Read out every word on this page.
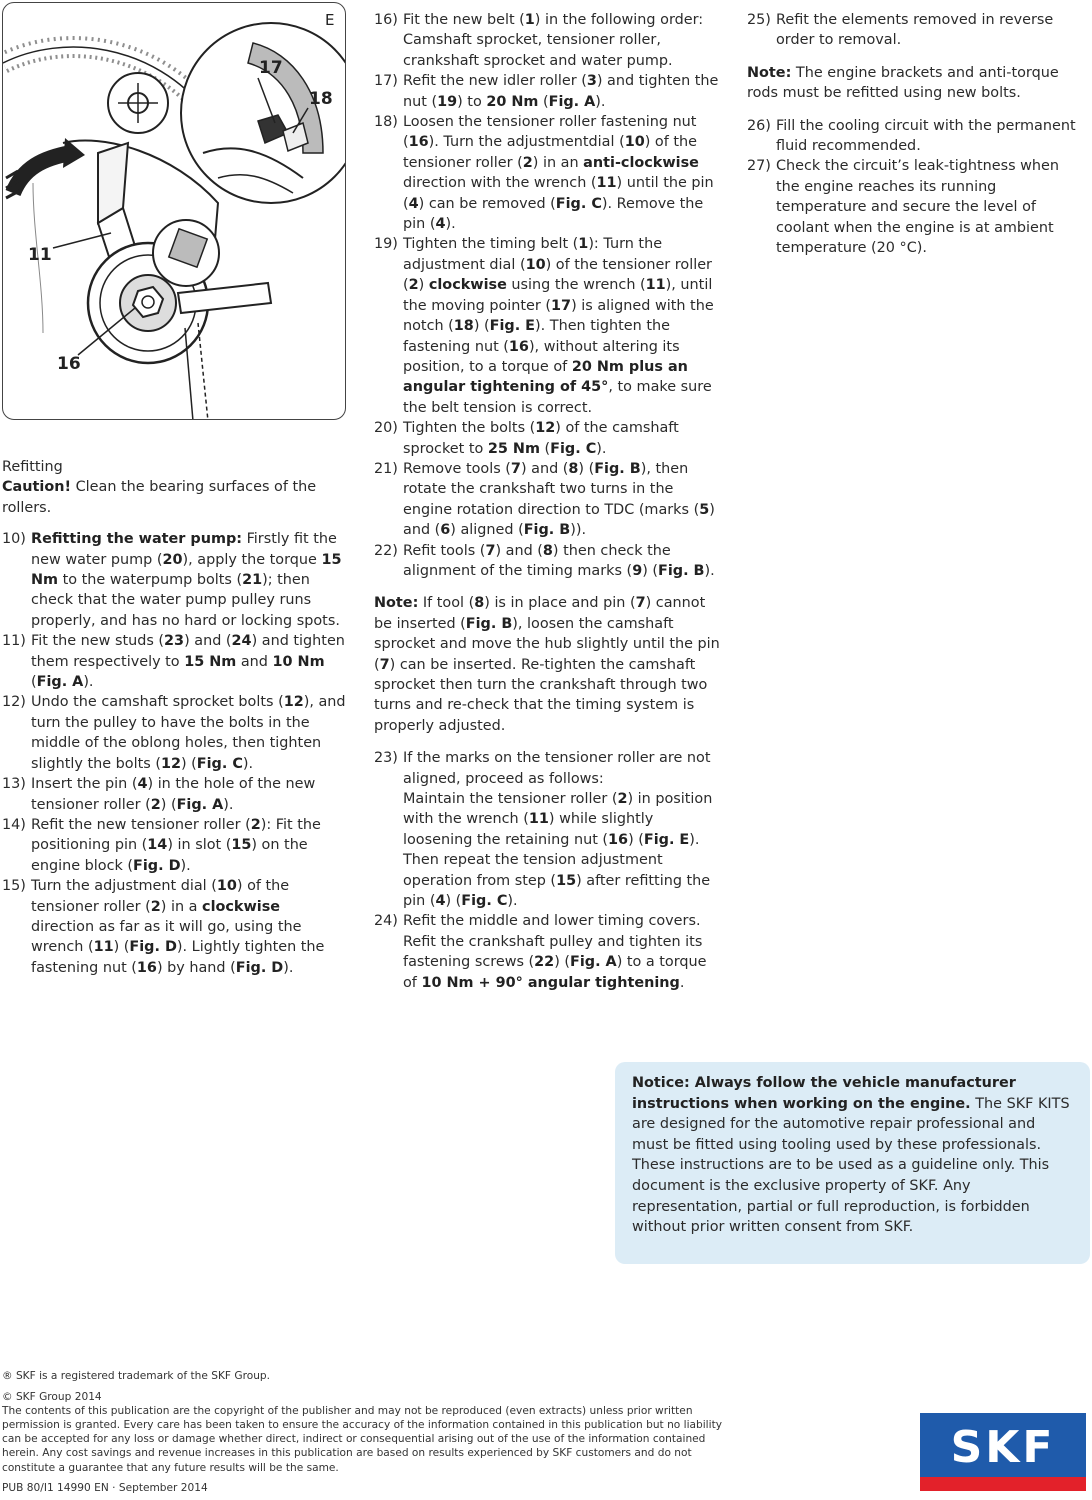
E
17
18
11
16

Refitting

Caution! Clean the bearing surfaces of the rollers.

10) Refitting the water pump: Firstly fit the new water pump (20), apply the torque 15 Nm to the waterpump bolts (21); then check that the water pump pulley runs properly, and has no hard or locking spots.
11) Fit the new studs (23) and (24) and tighten them respectively to 15 Nm and 10 Nm (Fig. A).
12) Undo the camshaft sprocket bolts (12), and turn the pulley to have the bolts in the middle of the oblong holes, then tighten slightly the bolts (12) (Fig. C).
13) Insert the pin (4) in the hole of the new tensioner roller (2) (Fig. A).
14) Refit the new tensioner roller (2): Fit the positioning pin (14) in slot (15) on the engine block (Fig. D).
15) Turn the adjustment dial (10) of the tensioner roller (2) in a clockwise direction as far as it will go, using the wrench (11) (Fig. D). Lightly tighten the fastening nut (16) by hand (Fig. D).
16) Fit the new belt (1) in the following order: Camshaft sprocket, tensioner roller, crankshaft sprocket and water pump.
17) Refit the new idler roller (3) and tighten the nut (19) to 20 Nm (Fig. A).
18) Loosen the tensioner roller fastening nut (16). Turn the adjustmentdial (10) of the tensioner roller (2) in an anti-clockwise direction with the wrench (11) until the pin (4) can be removed (Fig. C). Remove the pin (4).
19) Tighten the timing belt (1): Turn the adjustment dial (10) of the tensioner roller (2) clockwise using the wrench (11), until the moving pointer (17) is aligned with the notch (18) (Fig. E). Then tighten the fastening nut (16), without altering its position, to a torque of 20 Nm plus an angular tightening of 45°, to make sure the belt tension is correct.
20) Tighten the bolts (12) of the camshaft sprocket to 25 Nm (Fig. C).
21) Remove tools (7) and (8) (Fig. B), then rotate the crankshaft two turns in the engine rotation direction to TDC (marks (5) and (6) aligned (Fig. B)).
22) Refit tools (7) and (8) then check the alignment of the timing marks (9) (Fig. B).

Note: If tool (8) is in place and pin (7) cannot be inserted (Fig. B), loosen the camshaft sprocket and move the hub slightly until the pin (7) can be inserted. Re-tighten the camshaft sprocket then turn the crankshaft through two turns and re-check that the timing system is properly adjusted.

23) If the marks on the tensioner roller are not aligned, proceed as follows:
Maintain the tensioner roller (2) in position with the wrench (11) while slightly loosening the retaining nut (16) (Fig. E). Then repeat the tension adjustment operation from step (15) after refitting the pin (4) (Fig. C).
24) Refit the middle and lower timing covers. Refit the crankshaft pulley and tighten its fastening screws (22) (Fig. A) to a torque of 10 Nm + 90° angular tightening.
25) Refit the elements removed in reverse order to removal.

Note: The engine brackets and anti-torque rods must be refitted using new bolts.

26) Fill the cooling circuit with the permanent fluid recommended.
27) Check the circuit’s leak-tightness when the engine reaches its running temperature and secure the level of coolant when the engine is at ambient temperature (20 °C).

Notice: Always follow the vehicle manufacturer instructions when working on the engine. The SKF KITS are designed for the automotive repair professional and must be fitted using tooling used by these professionals. These instructions are to be used as a guideline only. This document is the exclusive property of SKF. Any representation, partial or full reproduction, is forbidden without prior written consent from SKF.

® SKF is a registered trademark of the SKF Group.

© SKF Group 2014

The contents of this publication are the copyright of the publisher and may not be reproduced (even extracts) unless prior written permission is granted. Every care has been taken to ensure the accuracy of the information contained in this publication but no liability can be accepted for any loss or damage whether direct, indirect or consequential arising out of the use of the information contained herein. Any cost savings and revenue increases in this publication are based on results experienced by SKF customers and do not constitute a guarantee that any future results will be the same.

PUB 80/I1 14990 EN · September 2014

SKF
